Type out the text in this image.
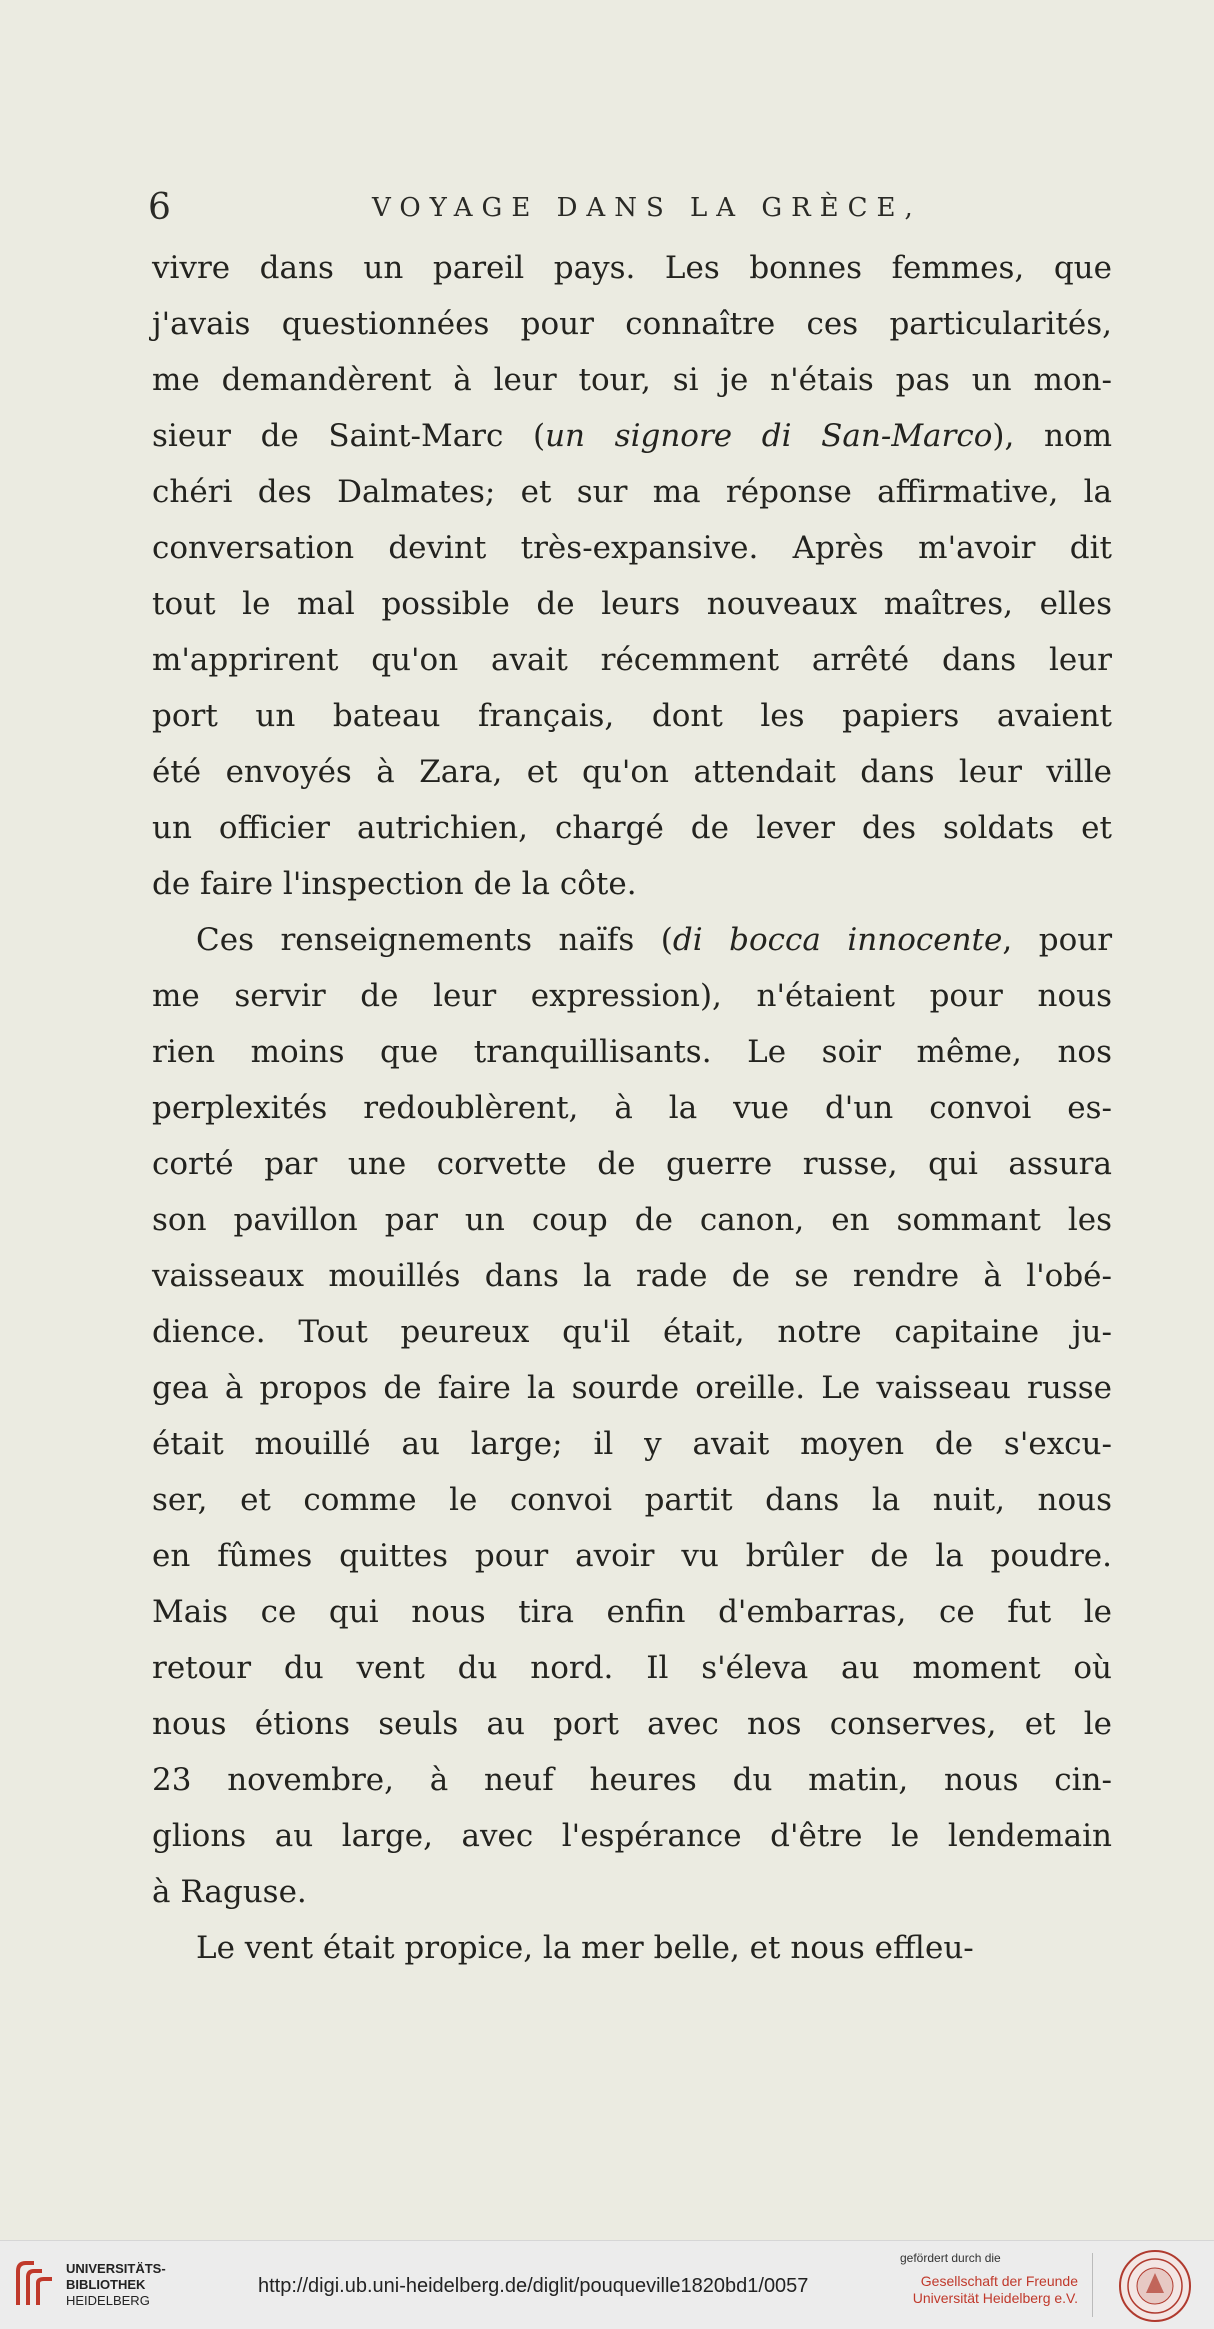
6	VOYAGE DANS LA GRÈCE,
vivre dans un pareil pays. Les bonnes femmes, que
j'avais questionnées pour connaître ces particularités,
me demandèrent à leur tour, si je n'étais pas un mon-
sieur de Saint-Marc (un signore di San-Marco), nom
chéri des Dalmates; et sur ma réponse affirmative, la
conversation devint très-expansive. Après m'avoir dit
tout le mal possible de leurs nouveaux maîtres, elles
m'apprirent qu'on avait récemment arrêté dans leur
port un bateau français, dont les papiers avaient
été envoyés à Zara, et qu'on attendait dans leur ville
un officier autrichien, chargé de lever des soldats et
de faire l'inspection de la côte.
Ces renseignements naïfs (di bocca innocente, pour
me servir de leur expression), n'étaient pour nous
rien moins que tranquillisants. Le soir même, nos
perplexités redoublèrent, à la vue d'un convoi es-
corté par une corvette de guerre russe, qui assura
son pavillon par un coup de canon, en sommant les
vaisseaux mouillés dans la rade de se rendre à l'obé-
dience. Tout peureux qu'il était, notre capitaine ju-
gea à propos de faire la sourde oreille. Le vaisseau russe
était mouillé au large; il y avait moyen de s'excu-
ser, et comme le convoi partit dans la nuit, nous
en fûmes quittes pour avoir vu brûler de la poudre.
Mais ce qui nous tira enfin d'embarras, ce fut le
retour du vent du nord. Il s'éleva au moment où
nous étions seuls au port avec nos conserves, et le
23 novembre, à neuf heures du matin, nous cin-
glions au large, avec l'espérance d'être le lendemain
à Raguse.
Le vent était propice, la mer belle, et nous effleu-
UNIVERSITÄTS-
BIBLIOTHEK
HEIDELBERG
http://digi.ub.uni-heidelberg.de/diglit/pouqueville1820bd1/0057
gefördert durch die
Gesellschaft der Freunde
Universität Heidelberg e.V.
